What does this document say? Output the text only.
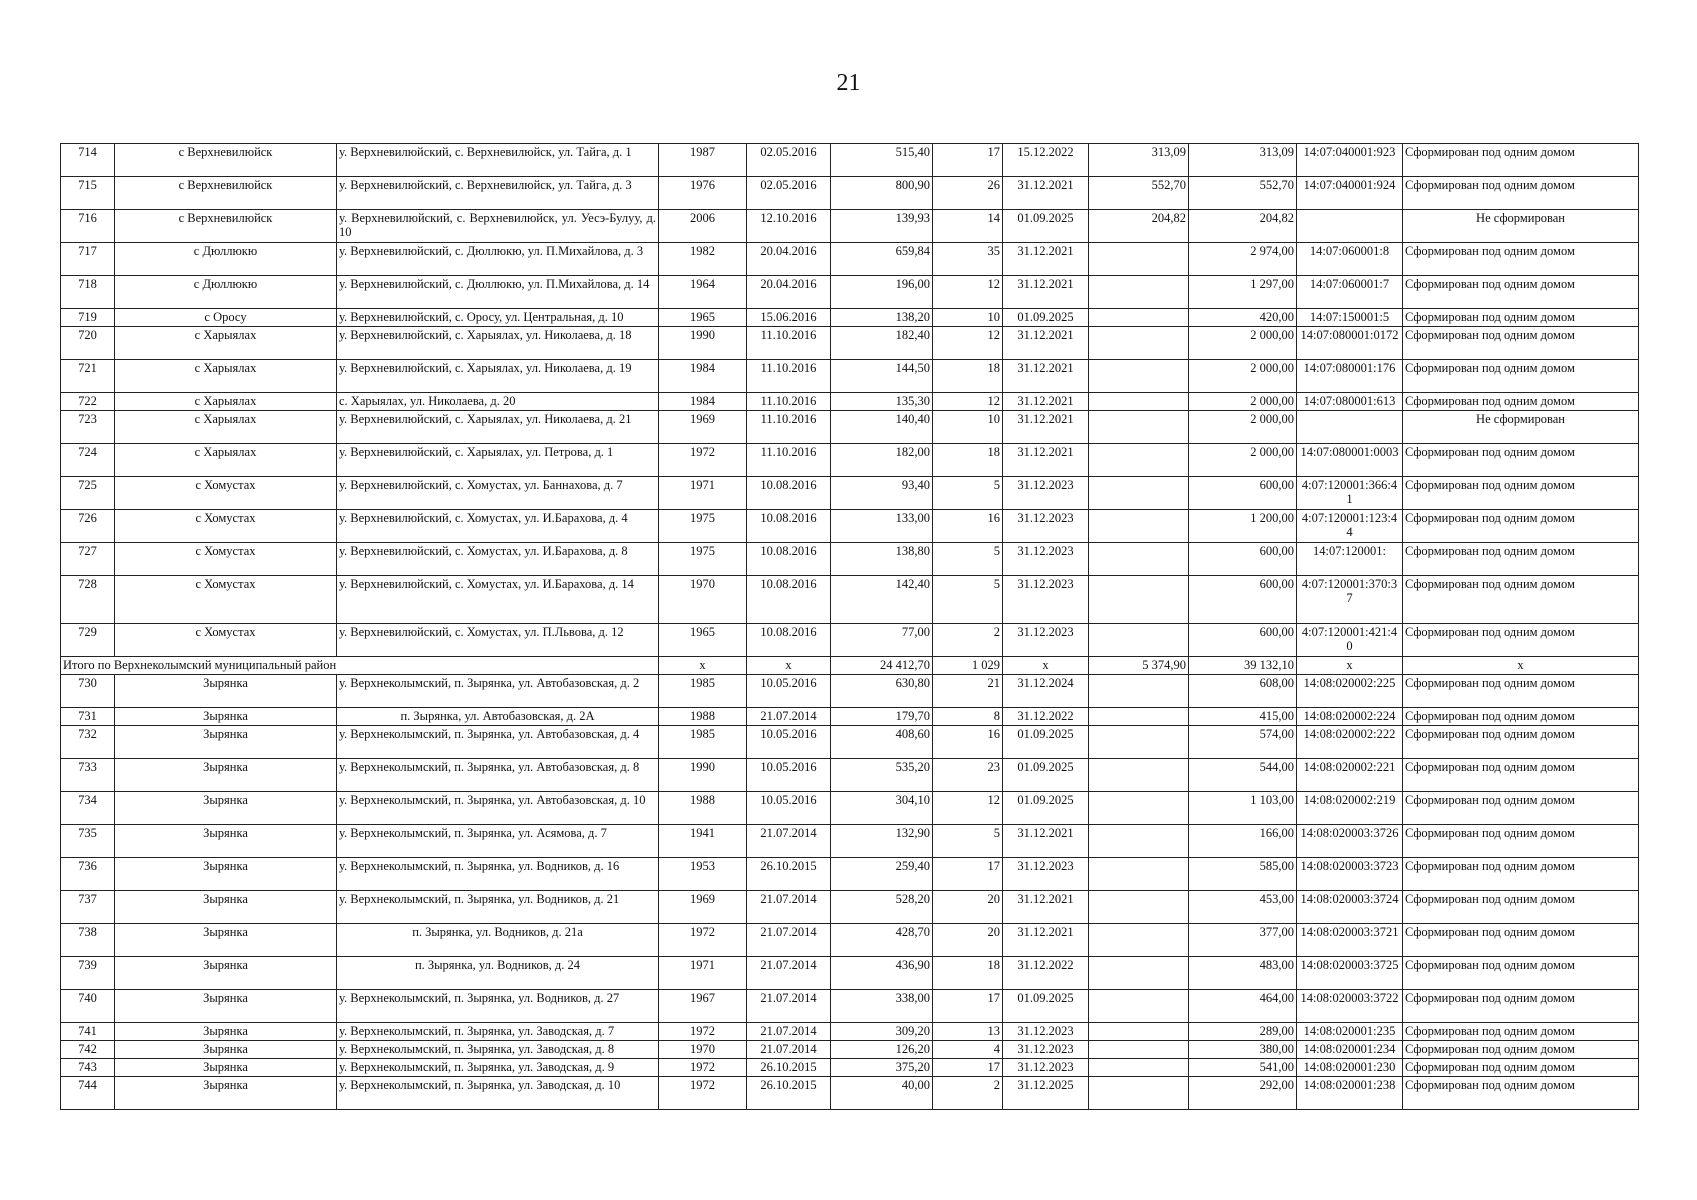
21
714	с Верхневилюйск	у. Верхневилюйский, с. Верхневилюйск, ул. Тайга, д. 1	1987	02.05.2016	515,40	17	15.12.2022	313,09	313,09	14:07:040001:923	Сформирован под одним домом
715	с Верхневилюйск	у. Верхневилюйский, с. Верхневилюйск, ул. Тайга, д. 3	1976	02.05.2016	800,90	26	31.12.2021	552,70	552,70	14:07:040001:924	Сформирован под одним домом
716	с Верхневилюйск	у. Верхневилюйский, с. Верхневилюйск, ул. Уесэ-Булуу, д. 10	2006	12.10.2016	139,93	14	01.09.2025	204,82	204,82		Не сформирован
717	с Дюллюкю	у. Верхневилюйский, с. Дюллюкю, ул. П.Михайлова, д. 3	1982	20.04.2016	659,84	35	31.12.2021		2 974,00	14:07:060001:8	Сформирован под одним домом
718	с Дюллюкю	у. Верхневилюйский, с. Дюллюкю, ул. П.Михайлова, д. 14	1964	20.04.2016	196,00	12	31.12.2021		1 297,00	14:07:060001:7	Сформирован под одним домом
719	с Оросу	у. Верхневилюйский, с. Оросу, ул. Центральная, д. 10	1965	15.06.2016	138,20	10	01.09.2025		420,00	14:07:150001:5	Сформирован под одним домом
720	с Харыялах	у. Верхневилюйский, с. Харыялах, ул. Николаева, д. 18	1990	11.10.2016	182,40	12	31.12.2021		2 000,00	14:07:080001:0172	Сформирован под одним домом
721	с Харыялах	у. Верхневилюйский, с. Харыялах, ул. Николаева, д. 19	1984	11.10.2016	144,50	18	31.12.2021		2 000,00	14:07:080001:176	Сформирован под одним домом
722	с Харыялах	с. Харыялах, ул. Николаева, д. 20	1984	11.10.2016	135,30	12	31.12.2021		2 000,00	14:07:080001:613	Сформирован под одним домом
723	с Харыялах	у. Верхневилюйский, с. Харыялах, ул. Николаева, д. 21	1969	11.10.2016	140,40	10	31.12.2021		2 000,00		Не сформирован
724	с Харыялах	у. Верхневилюйский, с. Харыялах, ул. Петрова, д. 1	1972	11.10.2016	182,00	18	31.12.2021		2 000,00	14:07:080001:0003	Сформирован под одним домом
725	с Хомустах	у. Верхневилюйский, с. Хомустах, ул. Баннахова, д. 7	1971	10.08.2016	93,40	5	31.12.2023		600,00	4:07:120001:366:41	Сформирован под одним домом
726	с Хомустах	у. Верхневилюйский, с. Хомустах, ул. И.Барахова, д. 4	1975	10.08.2016	133,00	16	31.12.2023		1 200,00	4:07:120001:123:44	Сформирован под одним домом
727	с Хомустах	у. Верхневилюйский, с. Хомустах, ул. И.Барахова, д. 8	1975	10.08.2016	138,80	5	31.12.2023		600,00	14:07:120001:	Сформирован под одним домом
728	с Хомустах	у. Верхневилюйский, с. Хомустах, ул. И.Барахова, д. 14	1970	10.08.2016	142,40	5	31.12.2023		600,00	4:07:120001:370:37	Сформирован под одним домом
729	с Хомустах	у. Верхневилюйский, с. Хомустах, ул. П.Львова, д. 12	1965	10.08.2016	77,00	2	31.12.2023		600,00	4:07:120001:421:40	Сформирован под одним домом
Итого по Верхнеколымский муниципальный район			x	x	24 412,70	1 029	x	5 374,90	39 132,10	x	x
730	Зырянка	у. Верхнеколымский, п. Зырянка, ул. Автобазовская, д. 2	1985	10.05.2016	630,80	21	31.12.2024		608,00	14:08:020002:225	Сформирован под одним домом
731	Зырянка	п. Зырянка, ул. Автобазовская, д. 2А	1988	21.07.2014	179,70	8	31.12.2022		415,00	14:08:020002:224	Сформирован под одним домом
732	Зырянка	у. Верхнеколымский, п. Зырянка, ул. Автобазовская, д. 4	1985	10.05.2016	408,60	16	01.09.2025		574,00	14:08:020002:222	Сформирован под одним домом
733	Зырянка	у. Верхнеколымский, п. Зырянка, ул. Автобазовская, д. 8	1990	10.05.2016	535,20	23	01.09.2025		544,00	14:08:020002:221	Сформирован под одним домом
734	Зырянка	у. Верхнеколымский, п. Зырянка, ул. Автобазовская, д. 10	1988	10.05.2016	304,10	12	01.09.2025		1 103,00	14:08:020002:219	Сформирован под одним домом
735	Зырянка	у. Верхнеколымский, п. Зырянка, ул. Асямова, д. 7	1941	21.07.2014	132,90	5	31.12.2021		166,00	14:08:020003:3726	Сформирован под одним домом
736	Зырянка	у. Верхнеколымский, п. Зырянка, ул. Водников, д. 16	1953	26.10.2015	259,40	17	31.12.2023		585,00	14:08:020003:3723	Сформирован под одним домом
737	Зырянка	у. Верхнеколымский, п. Зырянка, ул. Водников, д. 21	1969	21.07.2014	528,20	20	31.12.2021		453,00	14:08:020003:3724	Сформирован под одним домом
738	Зырянка	п. Зырянка, ул. Водников, д. 21а	1972	21.07.2014	428,70	20	31.12.2021		377,00	14:08:020003:3721	Сформирован под одним домом
739	Зырянка	п. Зырянка, ул. Водников, д. 24	1971	21.07.2014	436,90	18	31.12.2022		483,00	14:08:020003:3725	Сформирован под одним домом
740	Зырянка	у. Верхнеколымский, п. Зырянка, ул. Водников, д. 27	1967	21.07.2014	338,00	17	01.09.2025		464,00	14:08:020003:3722	Сформирован под одним домом
741	Зырянка	у. Верхнеколымский, п. Зырянка, ул. Заводская, д. 7	1972	21.07.2014	309,20	13	31.12.2023		289,00	14:08:020001:235	Сформирован под одним домом
742	Зырянка	у. Верхнеколымский, п. Зырянка, ул. Заводская, д. 8	1970	21.07.2014	126,20	4	31.12.2023		380,00	14:08:020001:234	Сформирован под одним домом
743	Зырянка	у. Верхнеколымский, п. Зырянка, ул. Заводская, д. 9	1972	26.10.2015	375,20	17	31.12.2023		541,00	14:08:020001:230	Сформирован под одним домом
744	Зырянка	у. Верхнеколымский, п. Зырянка, ул. Заводская, д. 10	1972	26.10.2015	40,00	2	31.12.2025		292,00	14:08:020001:238	Сформирован под одним домом
